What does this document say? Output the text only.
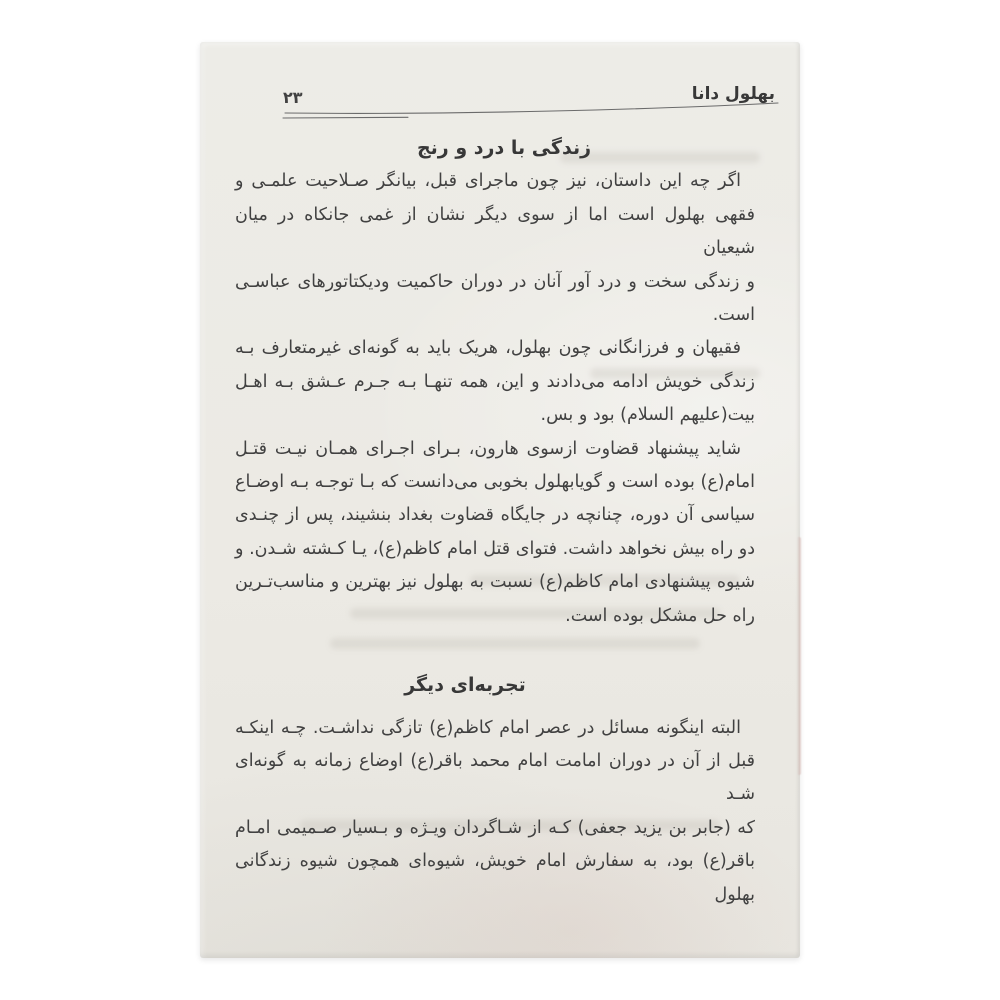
۲۳	بهلول دانا
زندگی با درد و رنج
اگر چه این داستان، نیز چون ماجرای قبل، بیانگر صـلاحیت علمـی و
فقهی بهلول است اما از سوی دیگر نشان از غمی جانکاه در میان شیعیان
و زندگی سخت و درد آور آنان در دوران حاکمیت ودیکتاتورهای عباسـی
است.
فقیهان و فرزانگانی چون بهلول، هریک باید به گونه‌ای غیرمتعارف بـه
زندگی خویش ادامه می‌دادند و این، همه تنهـا بـه جـرم عـشق بـه اهـل
بیت(علیهم السلام) بود و بس.
شاید پیشنهاد قضاوت ازسوی هارون، بـرای اجـرای همـان نیـت قتـل
امام(ع) بوده است و گویابهلول بخوبی می‌دانست که بـا توجـه بـه اوضـاع
سیاسی آن دوره، چنانچه در جایگاه قضاوت بغداد بنشیند، پس از چنـدی
دو راه بیش نخواهد داشت. فتوای قتل امام کاظم(ع)، یـا کـشته شـدن. و
شیوه پیشنهادی امام کاظم(ع) نسبت به بهلول نیز بهترین و مناسب‌تـرین
راه حل مشکل بوده است.
تجربه‌ای دیگر
البته اینگونه مسائل در عصر امام کاظم(ع) تازگی نداشـت. چـه اینکـه
قبل از آن در دوران امامت امام محمد باقر(ع) اوضاع زمانه به گونه‌ای شـد
که (جابر بن یزید جعفی) کـه از شـاگردان ویـژه و بـسیار صـمیمی امـام
باقر(ع) بود، به سفارش امام خویش، شیوه‌ای همچون شیوه زندگانی بهلول
